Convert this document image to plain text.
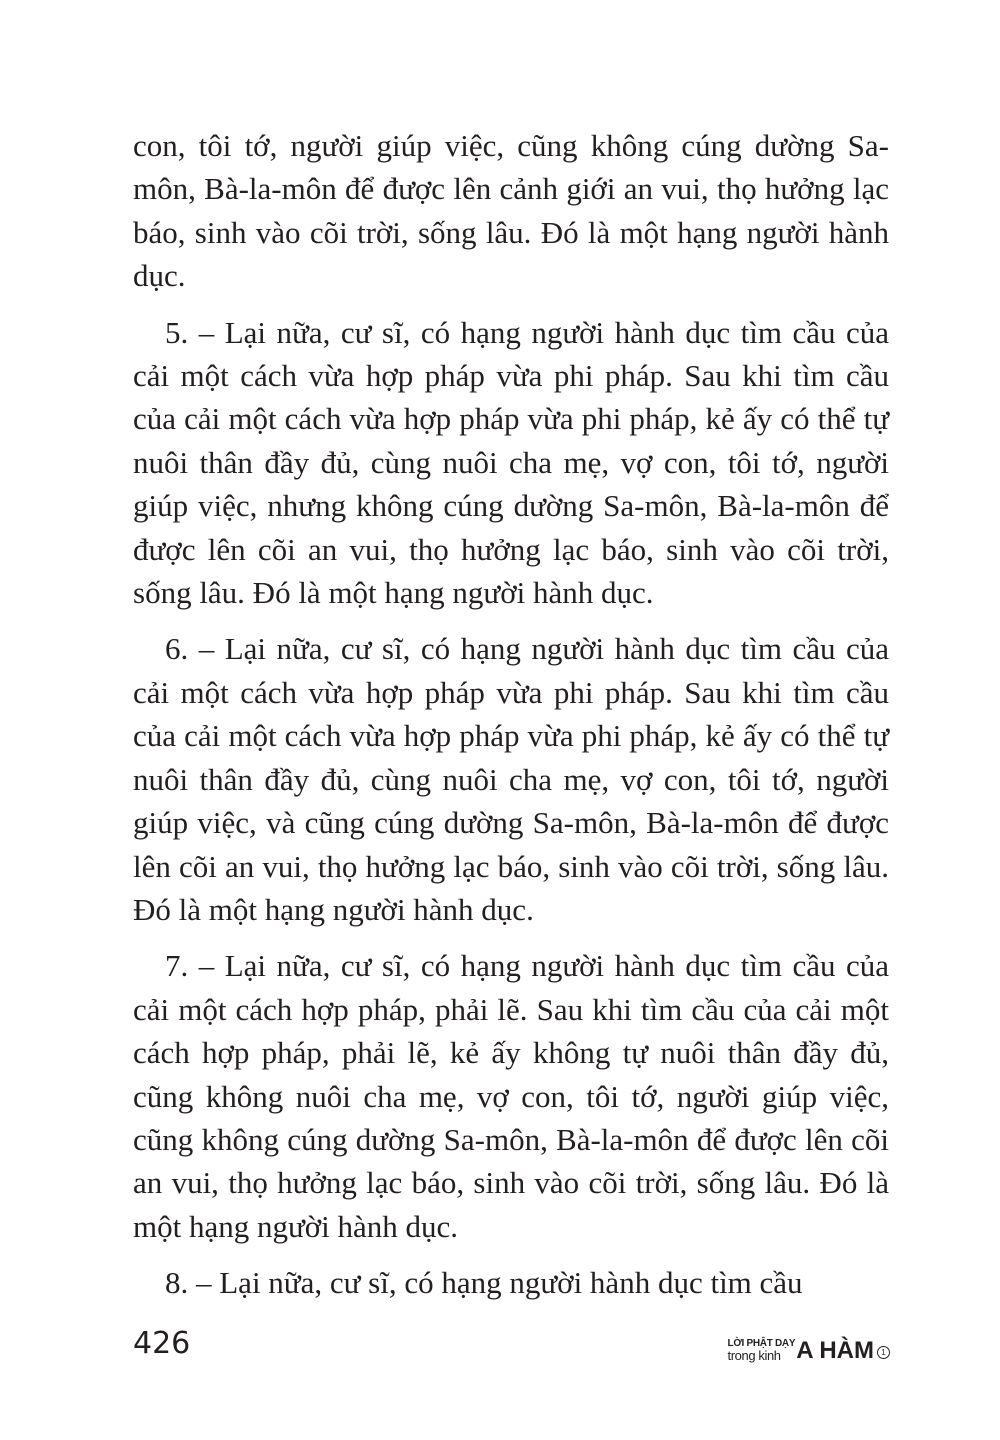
con, tôi tớ, người giúp việc, cũng không cúng dường Sa-môn, Bà-la-môn để được lên cảnh giới an vui, thọ hưởng lạc báo, sinh vào cõi trời, sống lâu. Đó là một hạng người hành dục.

5. – Lại nữa, cư sĩ, có hạng người hành dục tìm cầu của cải một cách vừa hợp pháp vừa phi pháp. Sau khi tìm cầu của cải một cách vừa hợp pháp vừa phi pháp, kẻ ấy có thể tự nuôi thân đầy đủ, cùng nuôi cha mẹ, vợ con, tôi tớ, người giúp việc, nhưng không cúng dường Sa-môn, Bà-la-môn để được lên cõi an vui, thọ hưởng lạc báo, sinh vào cõi trời, sống lâu. Đó là một hạng người hành dục.

6. – Lại nữa, cư sĩ, có hạng người hành dục tìm cầu của cải một cách vừa hợp pháp vừa phi pháp. Sau khi tìm cầu của cải một cách vừa hợp pháp vừa phi pháp, kẻ ấy có thể tự nuôi thân đầy đủ, cùng nuôi cha mẹ, vợ con, tôi tớ, người giúp việc, và cũng cúng dường Sa-môn, Bà-la-môn để được lên cõi an vui, thọ hưởng lạc báo, sinh vào cõi trời, sống lâu. Đó là một hạng người hành dục.

7. – Lại nữa, cư sĩ, có hạng người hành dục tìm cầu của cải một cách hợp pháp, phải lẽ. Sau khi tìm cầu của cải một cách hợp pháp, phải lẽ, kẻ ấy không tự nuôi thân đầy đủ, cũng không nuôi cha mẹ, vợ con, tôi tớ, người giúp việc, cũng không cúng dường Sa-môn, Bà-la-môn để được lên cõi an vui, thọ hưởng lạc báo, sinh vào cõi trời, sống lâu. Đó là một hạng người hành dục.

8. – Lại nữa, cư sĩ, có hạng người hành dục tìm cầu

426	LỜI PHẬT DẠY
trong kinh A HÀM 1
